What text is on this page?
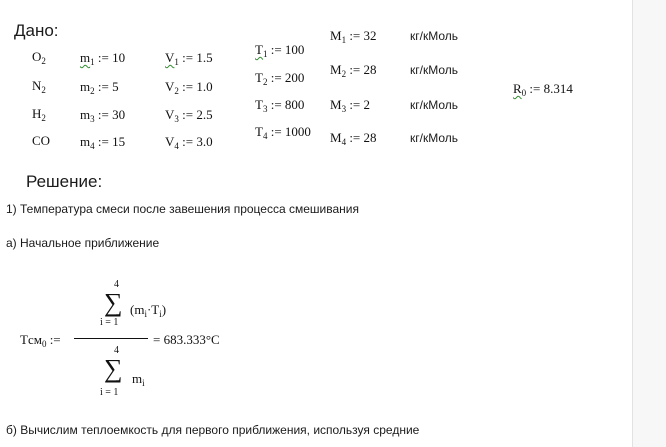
Дано:
$O_2$	$m_1$ := 10	$V_1$ := 1.5
$N_2$	$m_2$ := 5	$V_2$ := 1.0
$H_2$	$m_3$ := 30	$V_3$ := 2.5
CO $m_4$ := 15	$V_4$ := 3.0
$T_1$ := 100
$T_2$ := 200
$T_3$ := 800
$T_4$ := 1000
$M_1$ := 32	кг/кМоль
$M_2$ := 28	кг/кМоль
$M_3$ := 2	кг/кМоль
$M_4$ := 28	кг/кМоль
$R_0$ := 8.314
Решение:
1) Температура смеси после завешения процесса смешивания
а) Начальное приближение
Tсм$_0$ :=
4
∑
i = 1
$(m_i\cdot T_i)$
4
∑
i = 1
$m_i$
= 683.333°C
б) Вычислим теплоемкость для первого приближения, используя средние
